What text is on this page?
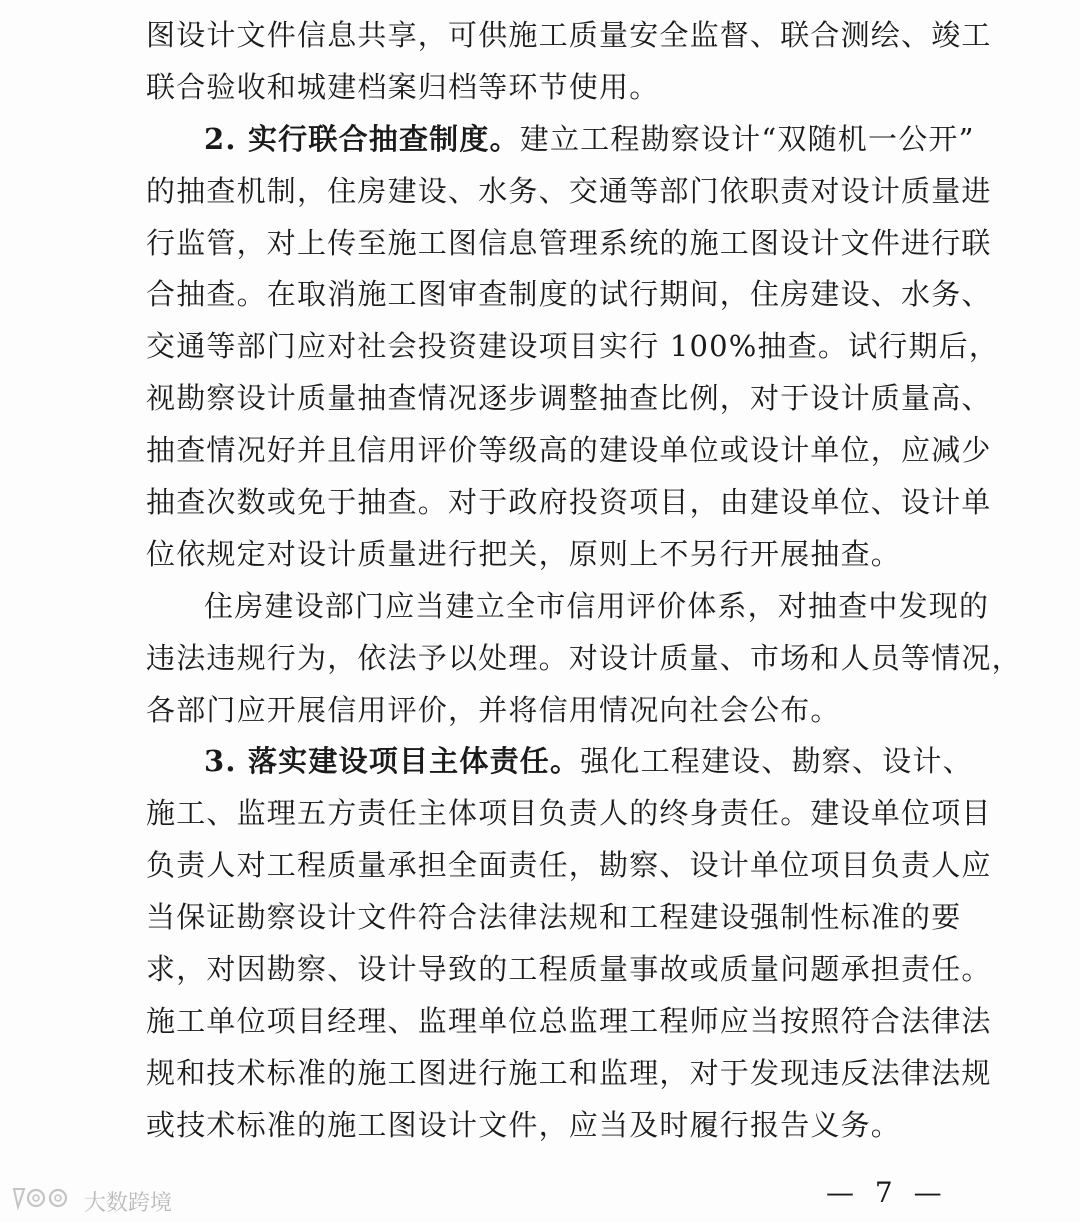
图设计文件信息共享，可供施工质量安全监督、联合测绘、竣工
联合验收和城建档案归档等环节使用。
2. 实行联合抽查制度。建立工程勘察设计“双随机一公开”
的抽查机制，住房建设、水务、交通等部门依职责对设计质量进
行监管，对上传至施工图信息管理系统的施工图设计文件进行联
合抽查。在取消施工图审查制度的试行期间，住房建设、水务、
交通等部门应对社会投资建设项目实行 100%抽查。试行期后，
视勘察设计质量抽查情况逐步调整抽查比例，对于设计质量高、
抽查情况好并且信用评价等级高的建设单位或设计单位，应减少
抽查次数或免于抽查。对于政府投资项目，由建设单位、设计单
位依规定对设计质量进行把关，原则上不另行开展抽查。
住房建设部门应当建立全市信用评价体系，对抽查中发现的
违法违规行为，依法予以处理。对设计质量、市场和人员等情况，
各部门应开展信用评价，并将信用情况向社会公布。
3. 落实建设项目主体责任。强化工程建设、勘察、设计、
施工、监理五方责任主体项目负责人的终身责任。建设单位项目
负责人对工程质量承担全面责任，勘察、设计单位项目负责人应
当保证勘察设计文件符合法律法规和工程建设强制性标准的要
求，对因勘察、设计导致的工程质量事故或质量问题承担责任。
施工单位项目经理、监理单位总监理工程师应当按照符合法律法
规和技术标准的施工图进行施工和监理，对于发现违反法律法规
或技术标准的施工图设计文件，应当及时履行报告义务。
— 7 —
大数跨境
